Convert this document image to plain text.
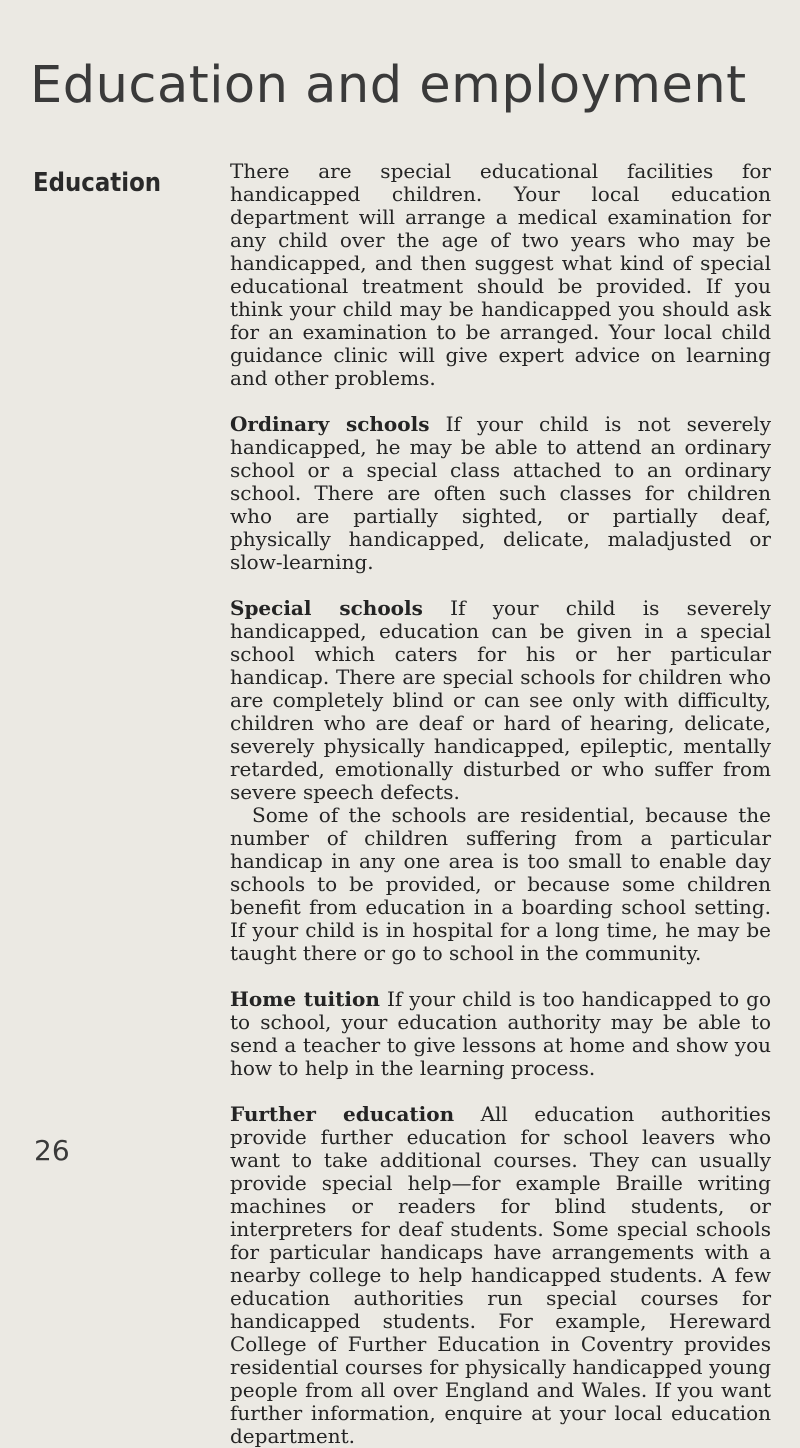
Education and employment
Education	There are special educational facilities for handicapped children. Your local education department will arrange a medical examination for any child over the age of two years who may be handicapped, and then suggest what kind of special educational treatment should be provided. If you think your child may be handicapped you should ask for an examination to be arranged. Your local child guidance clinic will give expert advice on learning and other problems.

Ordinary schools If your child is not severely handicapped, he may be able to attend an ordinary school or a special class attached to an ordinary school. There are often such classes for children who are partially sighted, or partially deaf, physically handicapped, delicate, maladjusted or slow-learning.

Special schools If your child is severely handicapped, education can be given in a special school which caters for his or her particular handicap. There are special schools for children who are completely blind or can see only with difficulty, children who are deaf or hard of hearing, delicate, severely physically handicapped, epileptic, mentally retarded, emotionally disturbed or who suffer from severe speech defects.

Some of the schools are residential, because the number of children suffering from a particular handicap in any one area is too small to enable day schools to be provided, or because some children benefit from education in a boarding school setting. If your child is in hospital for a long time, he may be taught there or go to school in the community.

Home tuition If your child is too handicapped to go to school, your education authority may be able to send a teacher to give lessons at home and show you how to help in the learning process.

Further education All education authorities provide further education for school leavers who want to take additional courses. They can usually provide special help—for example Braille writing machines or readers for blind students, or interpreters for deaf students. Some special schools for particular handicaps have arrangements with a nearby college to help handicapped students. A few education authorities run special courses for handicapped students. For example, Hereward College of Further Education in Coventry provides residential courses for physically handicapped young people from all over England and Wales. If you want further information, enquire at your local education department.

26
